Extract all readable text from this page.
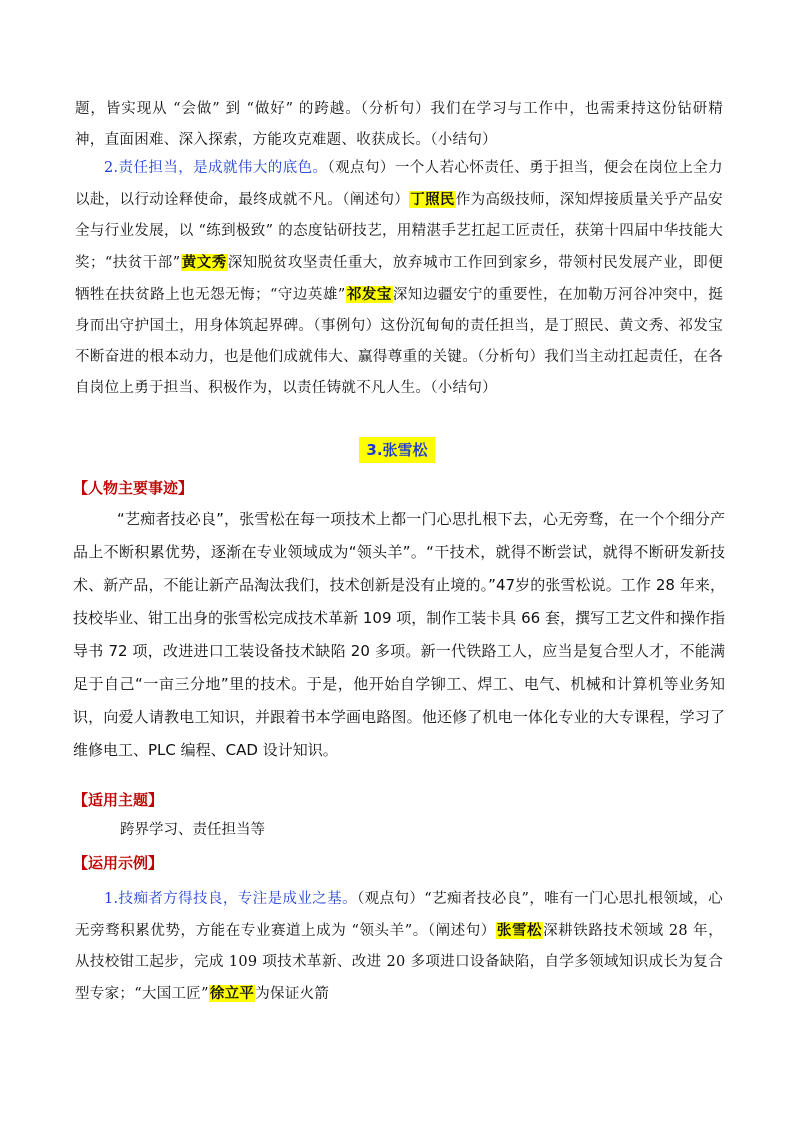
题，皆实现从 “会做” 到 “做好” 的跨越。（分析句）我们在学习与工作中，也需秉持这份钻研精神，直面困难、深入探索，方能攻克难题、收获成长。（小结句）

2.责任担当，是成就伟大的底色。（观点句）一个人若心怀责任、勇于担当，便会在岗位上全力以赴，以行动诠释使命，最终成就不凡。（阐述句）丁照民作为高级技师，深知焊接质量关乎产品安全与行业发展，以 “练到极致” 的态度钻研技艺，用精湛手艺扛起工匠责任，获第十四届中华技能大奖；“扶贫干部”黄文秀深知脱贫攻坚责任重大，放弃城市工作回到家乡，带领村民发展产业，即便牺牲在扶贫路上也无怨无悔；“守边英雄”祁发宝深知边疆安宁的重要性，在加勒万河谷冲突中，挺身而出守护国土，用身体筑起界碑。（事例句）这份沉甸甸的责任担当，是丁照民、黄文秀、祁发宝不断奋进的根本动力，也是他们成就伟大、赢得尊重的关键。（分析句）我们当主动扛起责任，在各自岗位上勇于担当、积极作为，以责任铸就不凡人生。（小结句）

3.张雪松
【人物主要事迹】

“艺痴者技必良”，张雪松在每一项技术上都一门心思扎根下去，心无旁骛，在一个个细分产品上不断积累优势，逐渐在专业领域成为“领头羊”。“干技术，就得不断尝试，就得不断研发新技术、新产品，不能让新产品淘汰我们，技术创新是没有止境的。”47岁的张雪松说。工作 28 年来，技校毕业、钳工出身的张雪松完成技术革新 109 项，制作工装卡具 66 套，撰写工艺文件和操作指导书 72 项，改进进口工装设备技术缺陷 20 多项。新一代铁路工人，应当是复合型人才，不能满足于自己“一亩三分地”里的技术。于是，他开始自学铆工、焊工、电气、机械和计算机等业务知识，向爱人请教电工知识，并跟着书本学画电路图。他还修了机电一体化专业的大专课程，学习了维修电工、PLC 编程、CAD 设计知识。

【适用主题】
跨界学习、责任担当等
【运用示例】

1.技痴者方得技良，专注是成业之基。（观点句）“艺痴者技必良”，唯有一门心思扎根领域，心无旁骛积累优势，方能在专业赛道上成为 “领头羊”。（阐述句）张雪松深耕铁路技术领域 28 年，从技校钳工起步，完成 109 项技术革新、改进 20 多项进口设备缺陷，自学多领域知识成长为复合型专家；“大国工匠”徐立平为保证火箭
